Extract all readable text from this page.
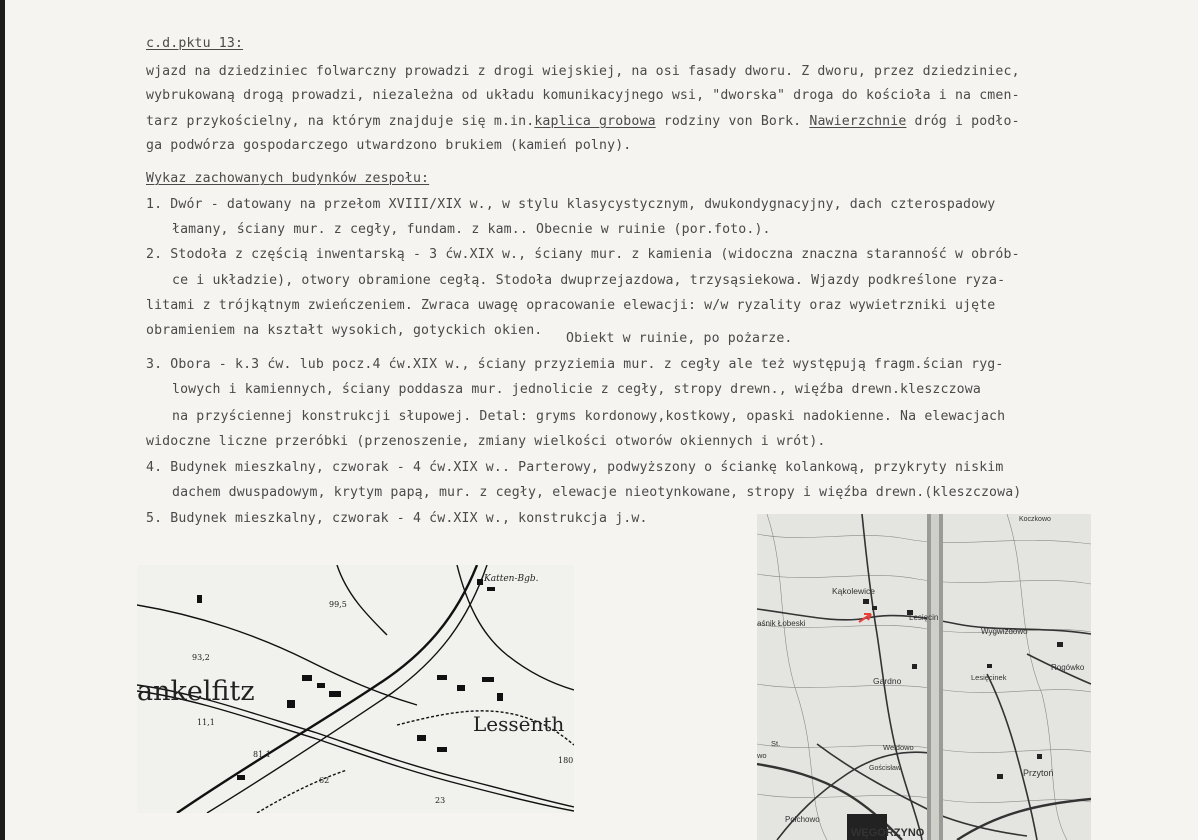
c.d.pktu 13:
wjazd na dziedziniec folwarczny prowadzi z drogi wiejskiej, na osi fasady dworu. Z dworu, przez dziedziniec,
wybrukowaną drogą prowadzi, niezależna od układu komunikacyjnego wsi, "dworska" droga do kościoła i na cmen-
tarz przykościelny, na którym znajduje się m.in.kaplica grobowa rodziny von Bork. Nawierzchnie dróg i podło-
ga podwórza gospodarczego utwardzono brukiem (kamień polny).
Wykaz zachowanych budynków zespołu:
1. Dwór - datowany na przełom XVIII/XIX w., w stylu klasycystycznym, dwukondygnacyjny, dach czterospadowy
łamany, ściany mur. z cegły, fundam. z kam.. Obecnie w ruinie (por.foto.).
2. Stodoła z częścią inwentarską - 3 ćw.XIX w., ściany mur. z kamienia (widoczna znaczna staranność w obrób-
ce i układzie), otwory obramione cegłą. Stodoła dwuprzejazdowa, trzysąsiekowa. Wjazdy podkreślone ryza-
litami z trójkątnym zwieńczeniem. Zwraca uwagę opracowanie elewacji: w/w ryzality oraz wywietrzniki ujęte
obramieniem na kształt wysokich, gotyckich okien.
Obiekt w ruinie, po pożarze.
3. Obora - k.3 ćw. lub pocz.4 ćw.XIX w., ściany przyziemia mur. z cegły ale też występują fragm.ścian ryg-
lowych i kamiennych, ściany poddasza mur. jednolicie z cegły, stropy drewn., więźba drewn.kleszczowa
na przyściennej konstrukcji słupowej. Detal: gryms kordonowy,kostkowy, opaski nadokienne. Na elewacjach
widoczne liczne przeróbki (przenoszenie, zmiany wielkości otworów okiennych i wrót).
4. Budynek mieszkalny, czworak - 4 ćw.XIX w.. Parterowy, podwyższony o ściankę kolankową, przykryty niskim
dachem dwuspadowym, krytym papą, mur. z cegły, elewacje nieotynkowane, stropy i więźba drewn.(kleszczowa)
5. Budynek mieszkalny, czworak - 4 ćw.XIX w., konstrukcja j.w.
ankelfitz
Lessenth
Katten-Bgb.
99,5
93,2
81,1
11,1
62
23
180
Kąkolewice
Lesięcin
aśnik Łobeski
Wygwizdowo
Rogówko
Lesięcinek
Gardno
Weldowo
Przytoń
Gościsław
Połchowo
WĘGORZYNO
Koczkowo
St.
wo
